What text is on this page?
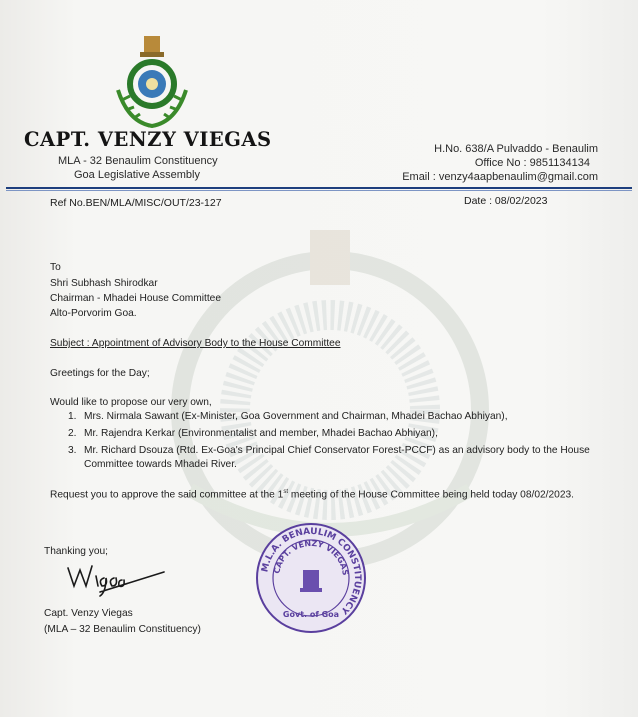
CAPT. VENZY VIEGAS
MLA - 32 Benaulim Constituency
Goa Legislative Assembly
H.No. 638/A Pulvaddo - Benaulim
Office No : 9851134134
Email : venzy4aapbenaulim@gmail.com
Ref No.BEN/MLA/MISC/OUT/23-127	Date : 08/02/2023
To
Shri Subhash Shirodkar
Chairman - Mhadei House Committee
Alto-Porvorim Goa.
Subject : Appointment of Advisory Body to the House Committee
Greetings for the Day;
Would like to propose our very own,
1. Mrs. Nirmala Sawant (Ex-Minister, Goa Government and Chairman, Mhadei Bachao Abhiyan),
2. Mr. Rajendra Kerkar (Environmentalist and member, Mhadei Bachao Abhiyan),
3. Mr. Richard Dsouza (Rtd. Ex-Goa's Principal Chief Conservator Forest-PCCF) as an advisory body to the House
Committee towards Mhadei River.
Request you to approve the said committee at the 1st meeting of the House Committee being held today 08/02/2023.
Thanking you;
Capt. Venzy Viegas
(MLA – 32 Benaulim Constituency)
M.L.A. BENAULIM CONSTITUENCY
CAPT. VENZY VIEGAS
Govt. of Goa
